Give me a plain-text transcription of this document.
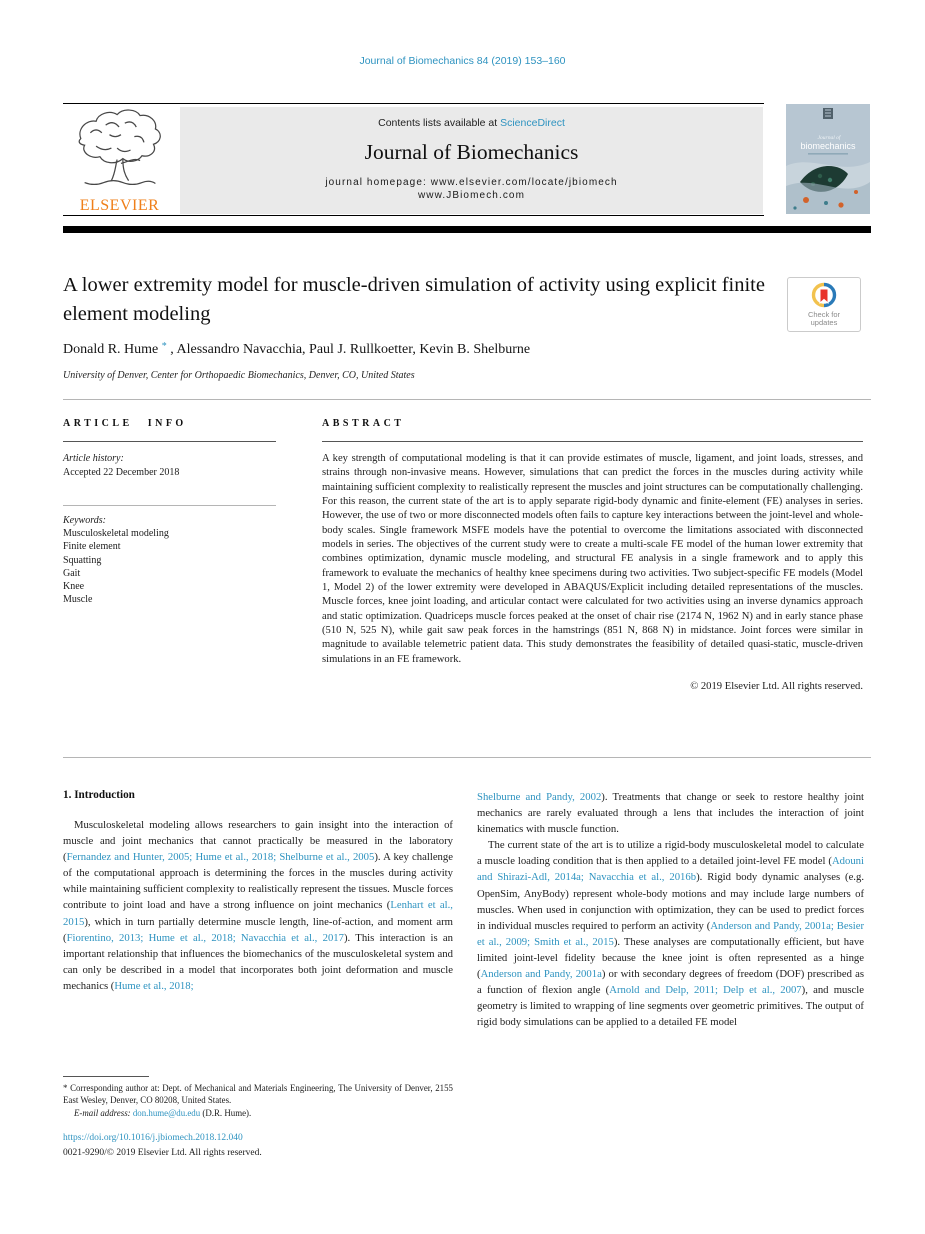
Journal of Biomechanics 84 (2019) 153–160
ELSEVIER
Contents lists available at ScienceDirect
Journal of Biomechanics
journal homepage: www.elsevier.com/locate/jbiomech
www.JBiomech.com
Journal of
biomechanics
A lower extremity model for muscle-driven simulation of activity using explicit finite element modeling	Check for
updates
Donald R. Hume * , Alessandro Navacchia, Paul J. Rullkoetter, Kevin B. Shelburne
University of Denver, Center for Orthopaedic Biomechanics, Denver, CO, United States
ARTICLE INFO	ABSTRACT
Article history:
Accepted 22 December 2018
Keywords:
Musculoskeletal modeling
Finite element
Squatting
Gait
Knee
Muscle
A key strength of computational modeling is that it can provide estimates of muscle, ligament, and joint loads, stresses, and strains through non-invasive means. However, simulations that can predict the forces in the muscles during activity while maintaining sufficient complexity to realistically represent the muscles and joint structures can be computationally challenging. For this reason, the current state of the art is to apply separate rigid-body dynamic and finite-element (FE) analyses in series. However, the use of two or more disconnected models often fails to capture key interactions between the joint-level and whole-body scales. Single framework MSFE models have the potential to overcome the limitations associated with disconnected models in series. The objectives of the current study were to create a multi-scale FE model of the human lower extremity that combines optimization, dynamic muscle modeling, and structural FE analysis in a single framework and to apply this framework to evaluate the mechanics of healthy knee specimens during two activities. Two subject-specific FE models (Model 1, Model 2) of the lower extremity were developed in ABAQUS/Explicit including detailed representations of the muscles. Muscle forces, knee joint loading, and articular contact were calculated for two activities using an inverse dynamics approach and static optimization. Quadriceps muscle forces peaked at the onset of chair rise (2174 N, 1962 N) and in early stance phase (510 N, 525 N), while gait saw peak forces in the hamstrings (851 N, 868 N) in midstance. Joint forces were similar in magnitude to available telemetric patient data. This study demonstrates the feasibility of detailed quasi-static, muscle-driven simulations in an FE framework.
© 2019 Elsevier Ltd. All rights reserved.
1. Introduction
Musculoskeletal modeling allows researchers to gain insight into the interaction of muscle and joint mechanics that cannot practically be measured in the laboratory (Fernandez and Hunter, 2005; Hume et al., 2018; Shelburne et al., 2005). A key challenge of the computational approach is determining the forces in the muscles during activity while maintaining sufficient complexity to realistically represent the tissues. Muscle forces contribute to joint load and have a strong influence on joint mechanics (Lenhart et al., 2015), which in turn partially determine muscle length, line-of-action, and moment arm (Fiorentino, 2013; Hume et al., 2018; Navacchia et al., 2017). This interaction is an important relationship that influences the biomechanics of the musculoskeletal system and can only be described in a model that incorporates both joint deformation and muscle mechanics (Hume et al., 2018;
Shelburne and Pandy, 2002). Treatments that change or seek to restore healthy joint mechanics are rarely evaluated through a lens that includes the interaction of joint kinematics with muscle function.
The current state of the art is to utilize a rigid-body musculoskeletal model to calculate a muscle loading condition that is then applied to a detailed joint-level FE model (Adouni and Shirazi-Adl, 2014a; Navacchia et al., 2016b). Rigid body dynamic analyses (e.g. OpenSim, AnyBody) represent whole-body motions and may include large numbers of muscles. When used in conjunction with optimization, they can be used to predict forces in individual muscles required to perform an activity (Anderson and Pandy, 2001a; Besier et al., 2009; Smith et al., 2015). These analyses are computationally efficient, but have limited joint-level fidelity because the knee joint is often represented as a hinge (Anderson and Pandy, 2001a) or with secondary degrees of freedom (DOF) prescribed as a function of flexion angle (Arnold and Delp, 2011; Delp et al., 2007), and muscle geometry is limited to wrapping of line segments over geometric primitives. The output of rigid body simulations can be applied to a detailed FE model
* Corresponding author at: Dept. of Mechanical and Materials Engineering, The University of Denver, 2155 East Wesley, Denver, CO 80208, United States.
E-mail address: don.hume@du.edu (D.R. Hume).
https://doi.org/10.1016/j.jbiomech.2018.12.040
0021-9290/© 2019 Elsevier Ltd. All rights reserved.
